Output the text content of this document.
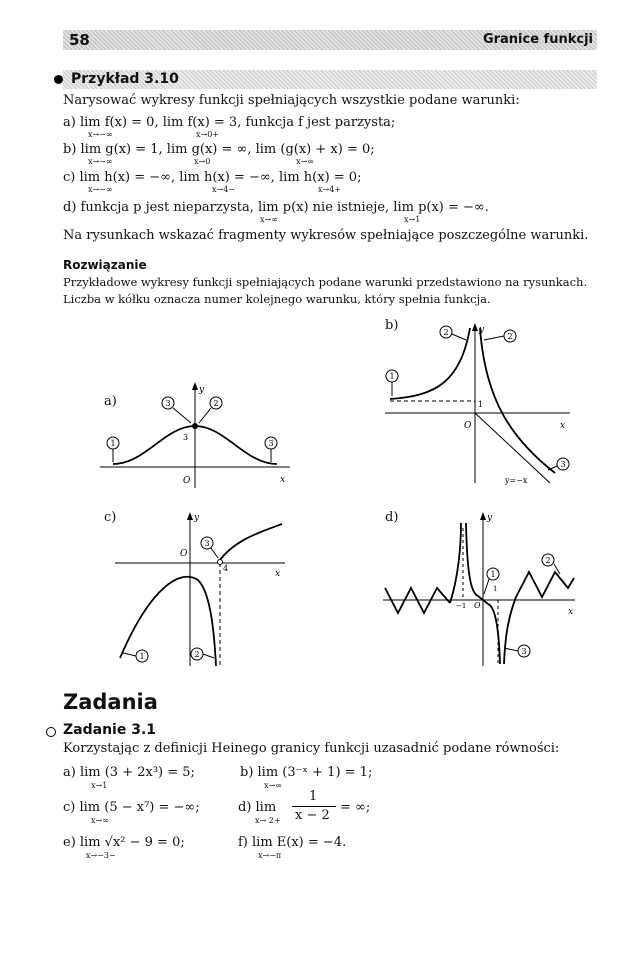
58	Granice funkcji
Przykład 3.10
Narysować wykresy funkcji spełniających wszystkie podane warunki:
a) lim f(x) = 0, lim f(x) = 3, funkcja f jest parzysta;
x→−∞	x→0+
b) lim g(x) = 1, lim g(x) = ∞, lim (g(x) + x) = 0;
x→−∞	x→0	x→∞
c) lim h(x) = −∞, lim h(x) = −∞, lim h(x) = 0;
x→−∞	x→4−	x→4+
d) funkcja p jest nieparzysta, lim p(x) nie istnieje, lim p(x) = −∞.
x→∞	x→1
Na rysunkach wskazać fragmenty wykresów spełniające poszczególne warunki.
Rozwiązanie
Przykładowe wykresy funkcji spełniających podane warunki przedstawiono na rysunkach.
Liczba w kółku oznacza numer kolejnego warunku, który spełnia funkcja.
a)
y
x
O
3
1
3	2
3
b)	y
x
O
1
y=−x
1
2	2
3
c)	y
x
O
4
3
1	2
d)	y
x
O
−1
1
1
2
3
Zadania
Zadanie 3.1
Korzystając z definicji Heinego granicy funkcji uzasadnić podane równości:
a) lim (3 + 2x³) = 5;
x→1
b) lim (3⁻ˣ + 1) = 1;
x→∞
c) lim (5 − x⁷) = −∞;
x→∞
d) lim
x→ 2+
1
x − 2
= ∞;
e) lim √x² − 9 = 0;
x→−3−
f) lim E(x) = −4.
x→−π
